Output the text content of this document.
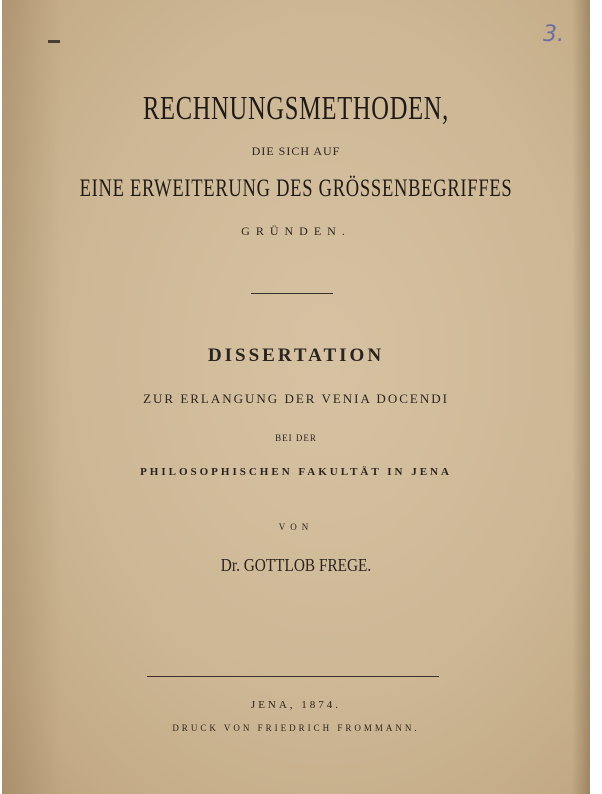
3.
RECHNUNGSMETHODEN,
DIE SICH AUF
EINE ERWEITERUNG DES GRÖSSENBEGRIFFES
GRÜNDEN.
DISSERTATION
ZUR ERLANGUNG DER VENIA DOCENDI
BEI DER
PHILOSOPHISCHEN FAKULTÄT IN JENA
VON
Dr. GOTTLOB FREGE.
JENA, 1874.
DRUCK VON FRIEDRICH FROMMANN.
